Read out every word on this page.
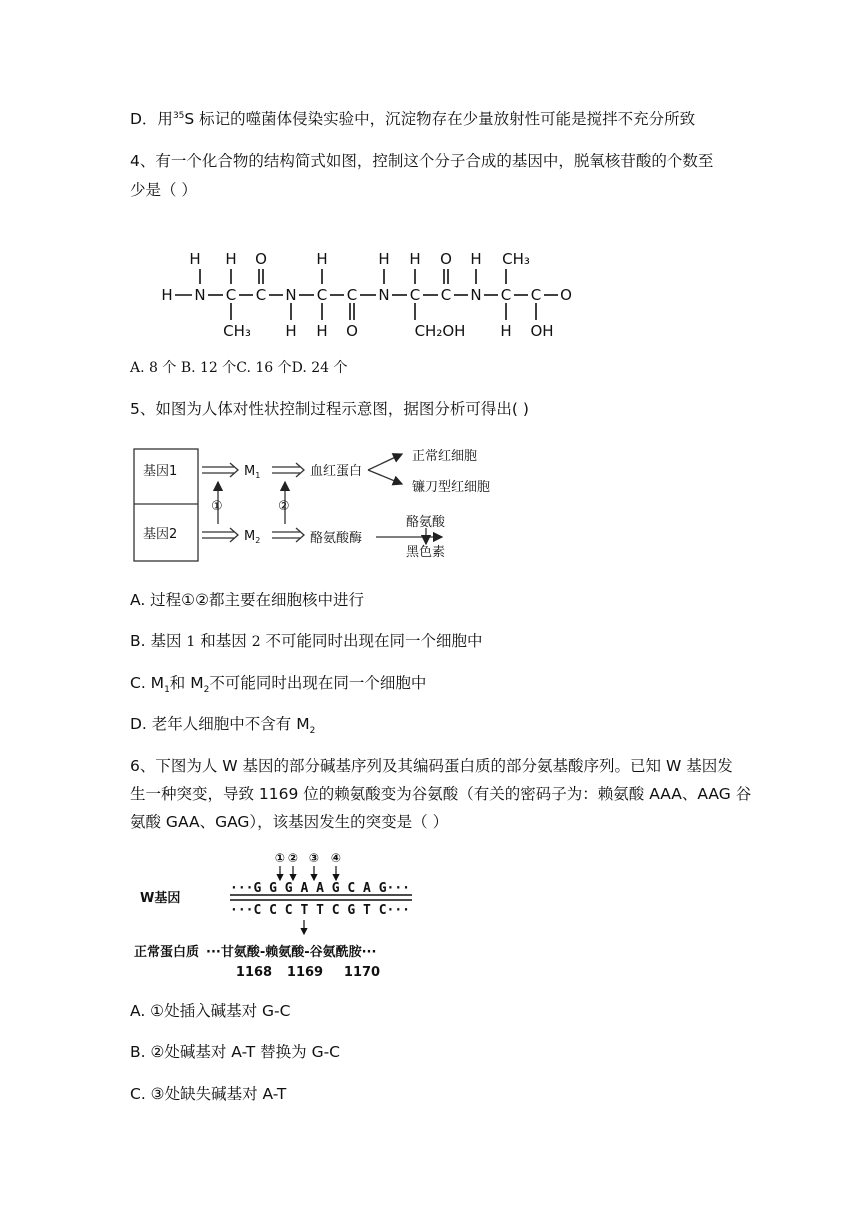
D．用$^{35}$S 标记的噬菌体侵染实验中，沉淀物存在少量放射性可能是搅拌不充分所致
4、有一个化合物的结构简式如图，控制这个分子合成的基因中，脱氧核苷酸的个数至
少是（ ）
H H O	H	H H O H CH₃
H N C C N C C N C C N C C O
CH₃ H H O	CH₂OH H OH
A. 8 个 B. 12 个C. 16 个D. 24 个
5、如图为人体对性状控制过程示意图，据图分析可得出( )
基因1
基因2
$M_1$
$M_2$
①	②
血红蛋白
酪氨酸酶
正常红细胞
镰刀型红细胞
酪氨酸
黑色素
A. 过程①②都主要在细胞核中进行
B. 基因 1 和基因 2 不可能同时出现在同一个细胞中
C. $M_1$和 $M_2$不可能同时出现在同一个细胞中
D. 老年人细胞中不含有 $M_2$
6、下图为人 W 基因的部分碱基序列及其编码蛋白质的部分氨基酸序列。已知 W 基因发
生一种突变，导致 1169 位的赖氨酸变为谷氨酸（有关的密码子为：赖氨酸 AAA、AAG 谷
氨酸 GAA、GAG），该基因发生的突变是（ ）
① ② ③ ④
W基因
···G G G A A G C A G···
···C C C T T C G T C···
正常蛋白质 ···甘氨酸-赖氨酸-谷氨酰胺···
1168 1169 1170
A. ①处插入碱基对 G-C
B. ②处碱基对 A-T 替换为 G-C
C. ③处缺失碱基对 A-T
